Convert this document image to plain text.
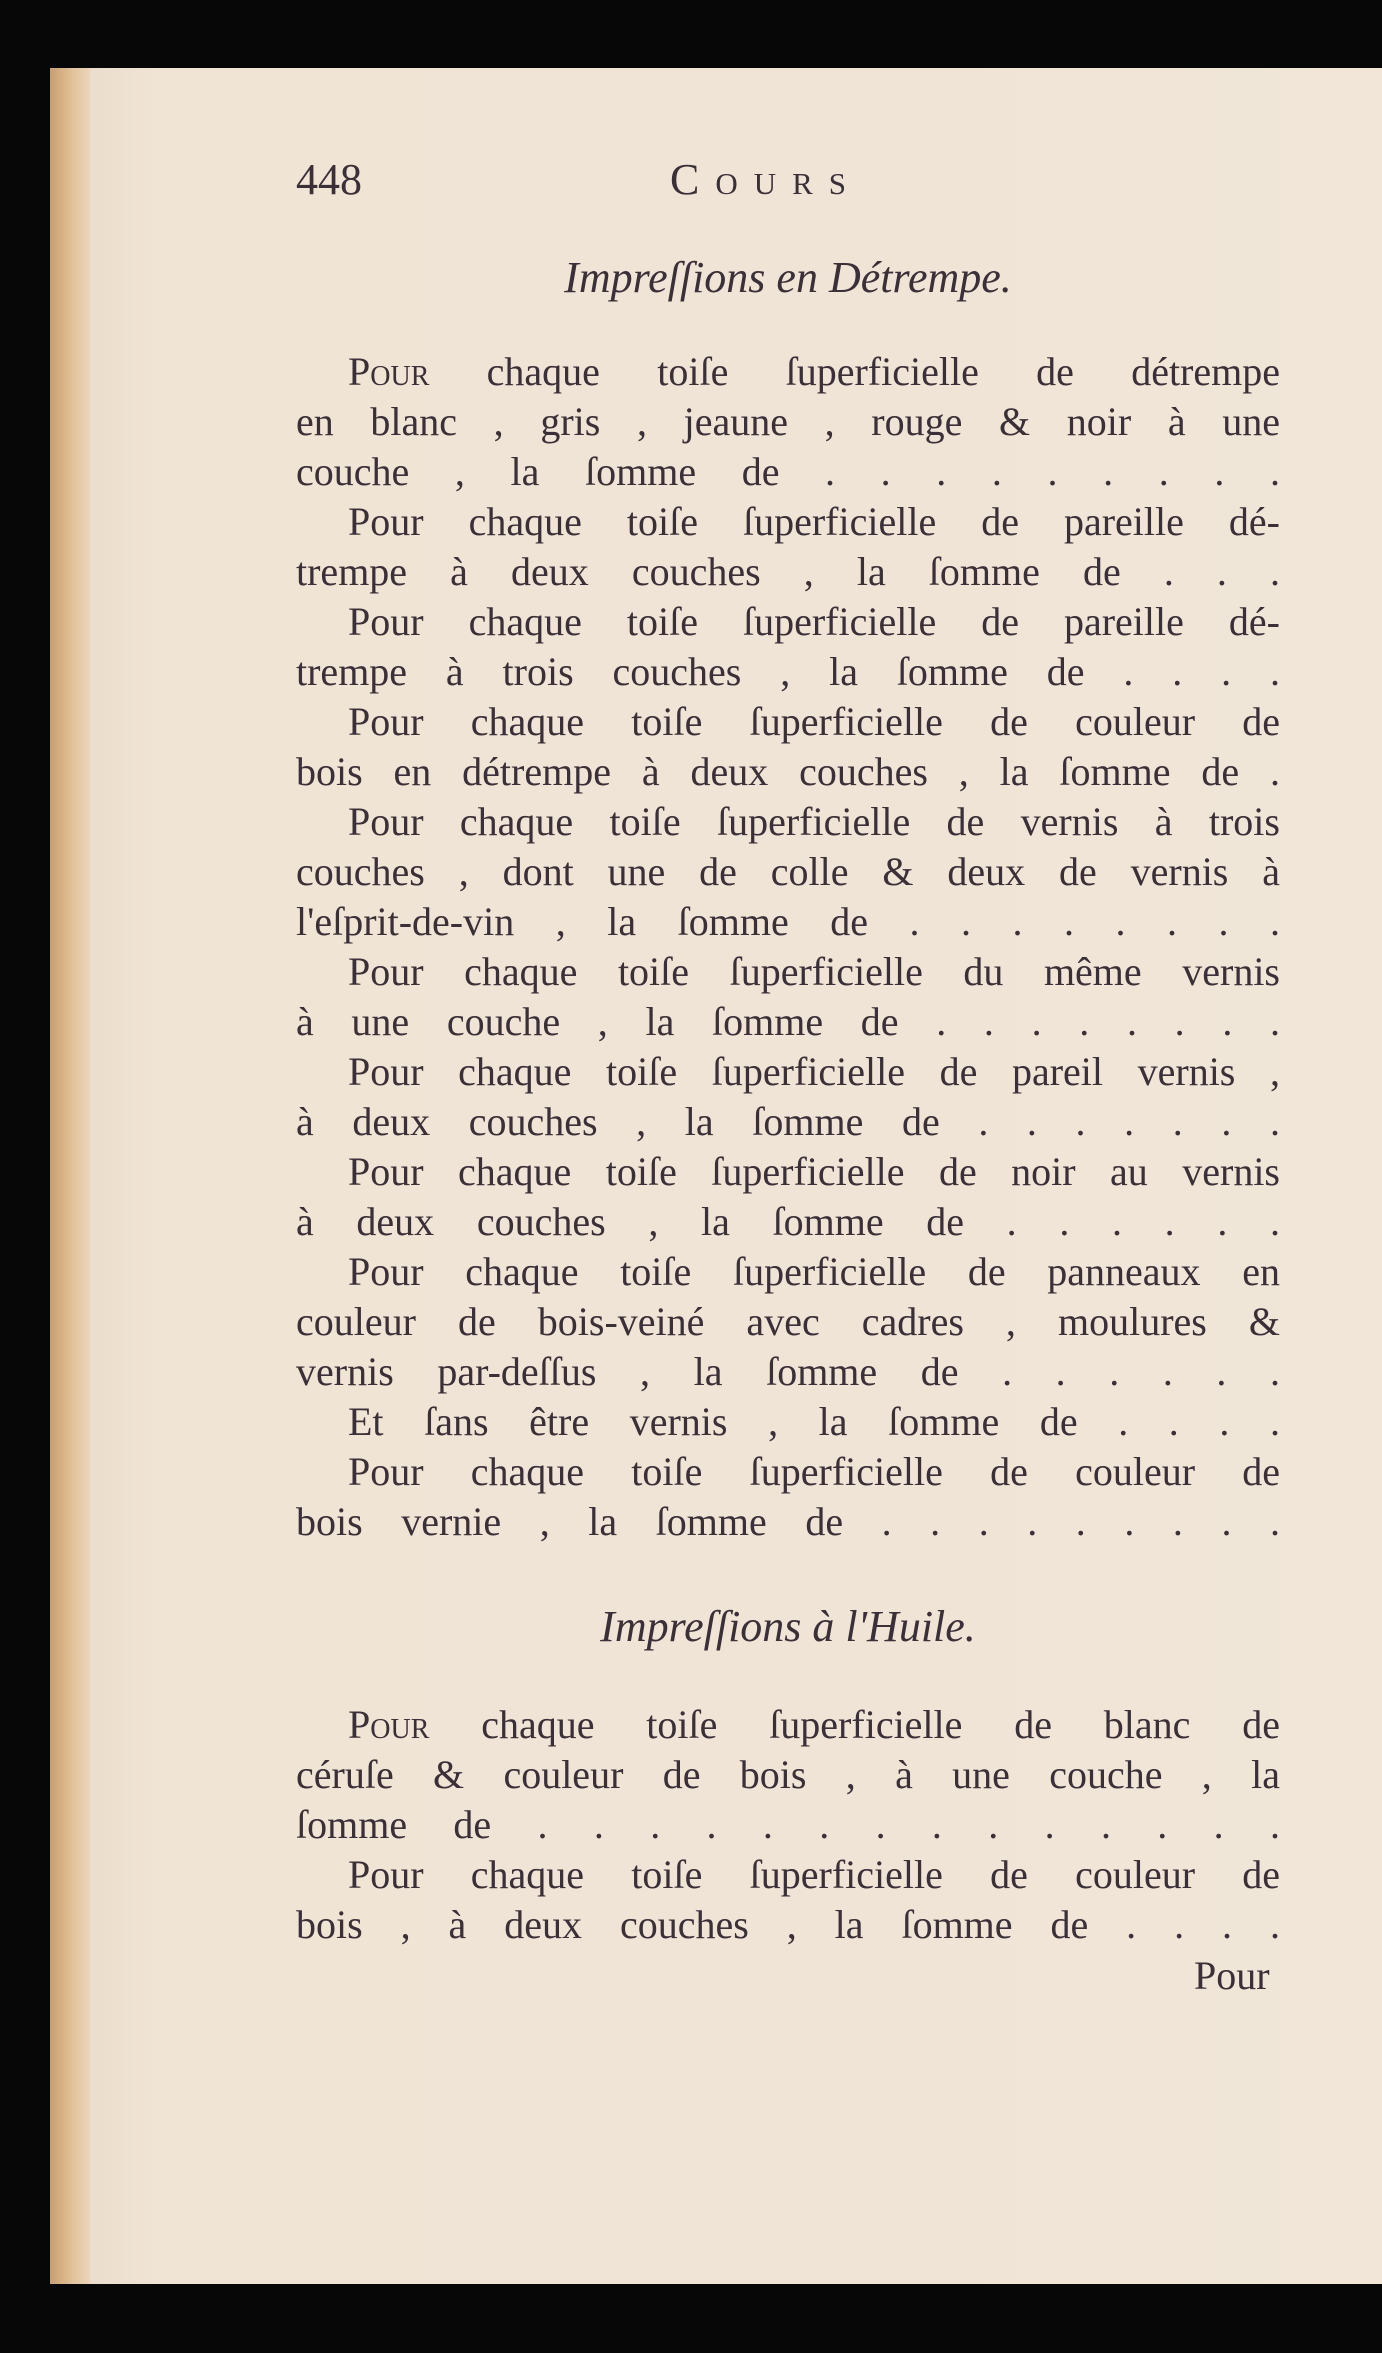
448	Cours
Impreſſions en Détrempe.
Pour chaque toiſe ſuperficielle de détrempe
en blanc , gris , jeaune , rouge & noir à une
couche , la ſomme de . . . . . . . . .
Pour chaque toiſe ſuperficielle de pareille dé-
trempe à deux couches , la ſomme de . . .
Pour chaque toiſe ſuperficielle de pareille dé-
trempe à trois couches , la ſomme de . . . .
Pour chaque toiſe ſuperficielle de couleur de
bois en détrempe à deux couches , la ſomme de .
Pour chaque toiſe ſuperficielle de vernis à trois
couches , dont une de colle & deux de vernis à
l'eſprit-de-vin , la ſomme de . . . . . . . .
Pour chaque toiſe ſuperficielle du même vernis
à une couche , la ſomme de . . . . . . . .
Pour chaque toiſe ſuperficielle de pareil vernis ,
à deux couches , la ſomme de . . . . . . .
Pour chaque toiſe ſuperficielle de noir au vernis
à deux couches , la ſomme de . . . . . .
Pour chaque toiſe ſuperficielle de panneaux en
couleur de bois-veiné avec cadres , moulures &
vernis par-deſſus , la ſomme de . . . . . .
Et ſans être vernis , la ſomme de . . . .
Pour chaque toiſe ſuperficielle de couleur de
bois vernie , la ſomme de . . . . . . . . .
Impreſſions à l'Huile.
Pour chaque toiſe ſuperficielle de blanc de
céruſe & couleur de bois , à une couche , la
ſomme de . . . . . . . . . . . . . .
Pour chaque toiſe ſuperficielle de couleur de
bois , à deux couches , la ſomme de . . . .
Pour
